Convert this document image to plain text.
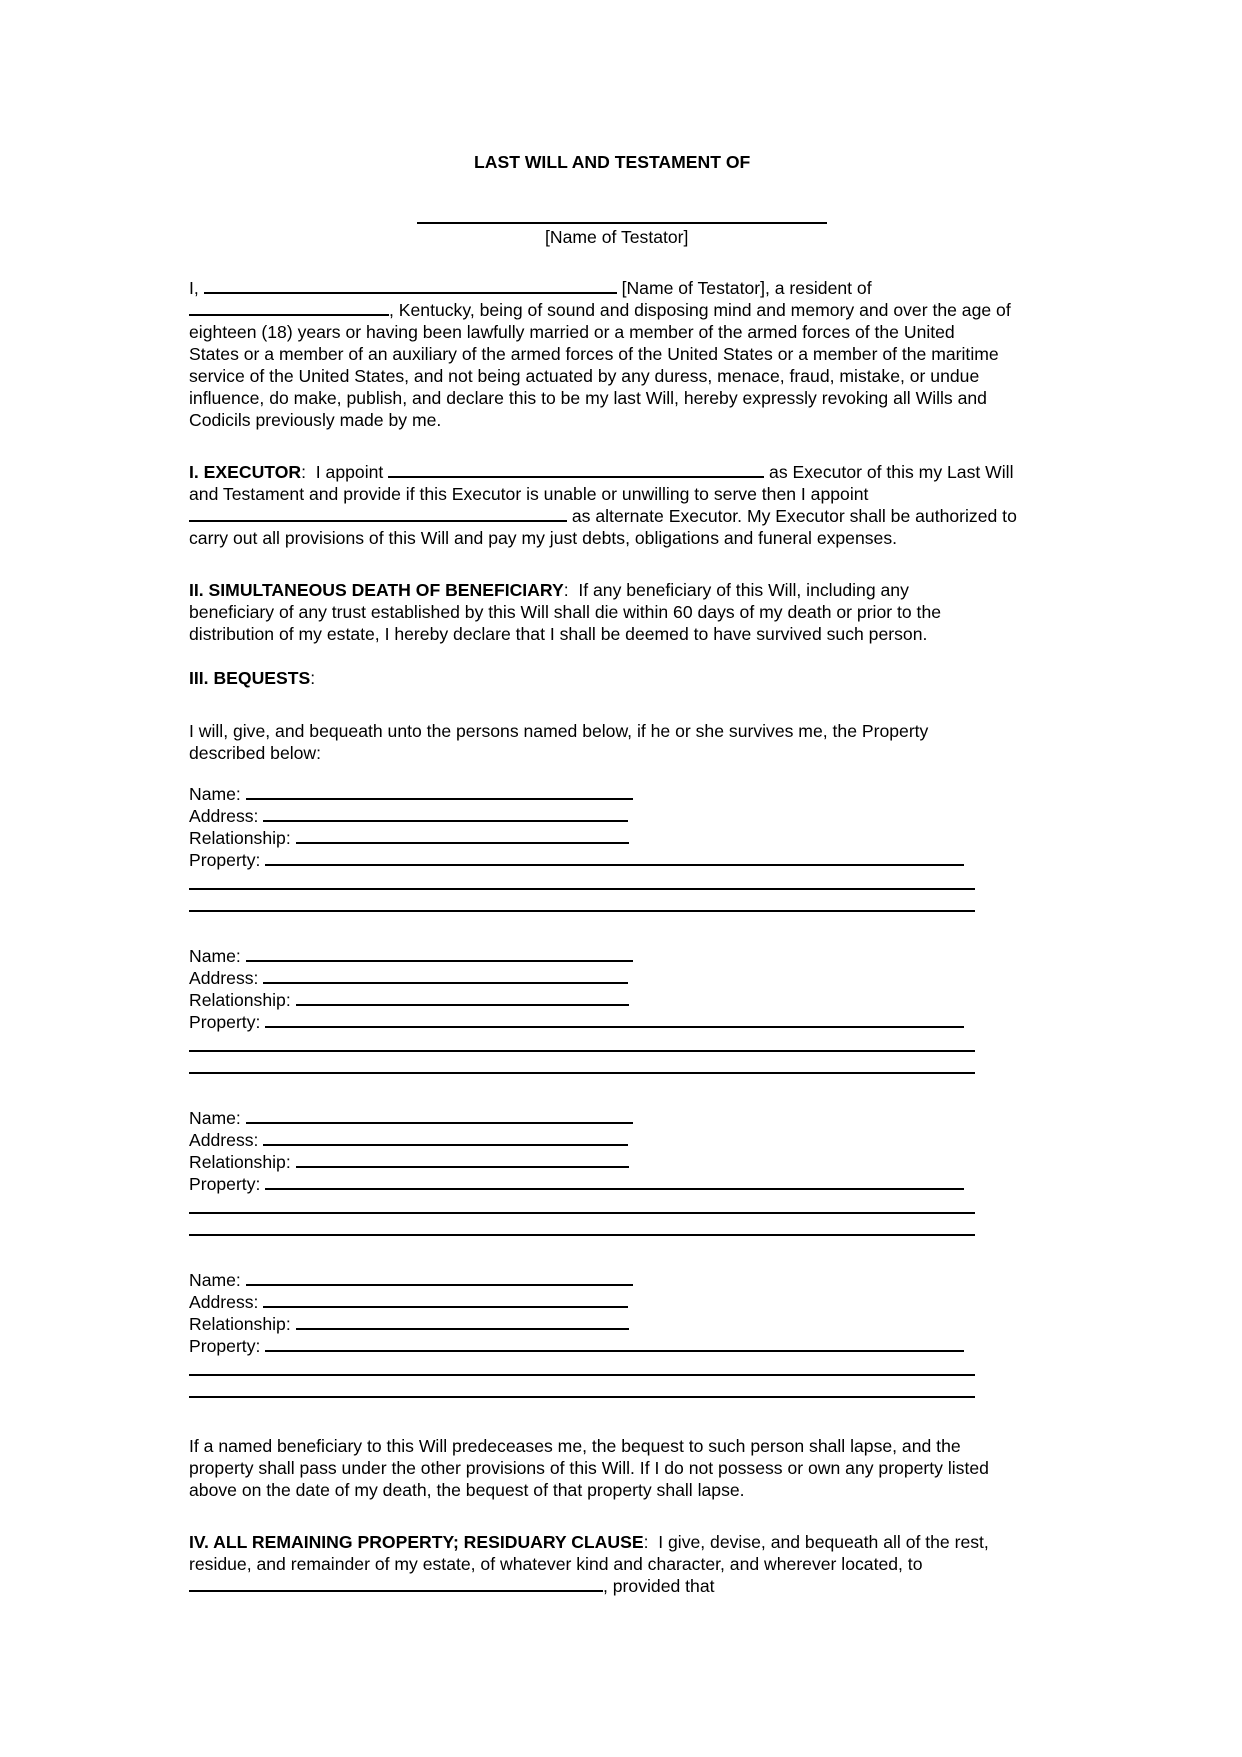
LAST WILL AND TESTAMENT OF
[Name of Testator]
I,	[Name of Testator], a resident of
, Kentucky, being of sound and disposing mind and memory and over the age of
eighteen (18) years or having been lawfully married or a member of the armed forces of the United
States or a member of an auxiliary of the armed forces of the United States or a member of the maritime
service of the United States, and not being actuated by any duress, menace, fraud, mistake, or undue
influence, do make, publish, and declare this to be my last Will, hereby expressly revoking all Wills and
Codicils previously made by me.
I. EXECUTOR:  I appoint	as Executor of this my Last Will
and Testament and provide if this Executor is unable or unwilling to serve then I appoint
as alternate Executor. My Executor shall be authorized to
carry out all provisions of this Will and pay my just debts, obligations and funeral expenses.
II. SIMULTANEOUS DEATH OF BENEFICIARY:  If any beneficiary of this Will, including any
beneficiary of any trust established by this Will shall die within 60 days of my death or prior to the
distribution of my estate, I hereby declare that I shall be deemed to have survived such person.
III. BEQUESTS:
I will, give, and bequeath unto the persons named below, if he or she survives me, the Property
described below:
Name:
Address:
Relationship:
Property:
Name:
Address:
Relationship:
Property:
Name:
Address:
Relationship:
Property:
Name:
Address:
Relationship:
Property:
If a named beneficiary to this Will predeceases me, the bequest to such person shall lapse, and the
property shall pass under the other provisions of this Will. If I do not possess or own any property listed
above on the date of my death, the bequest of that property shall lapse.
IV. ALL REMAINING PROPERTY; RESIDUARY CLAUSE:  I give, devise, and bequeath all of the rest,
residue, and remainder of my estate, of whatever kind and character, and wherever located, to
, provided that
